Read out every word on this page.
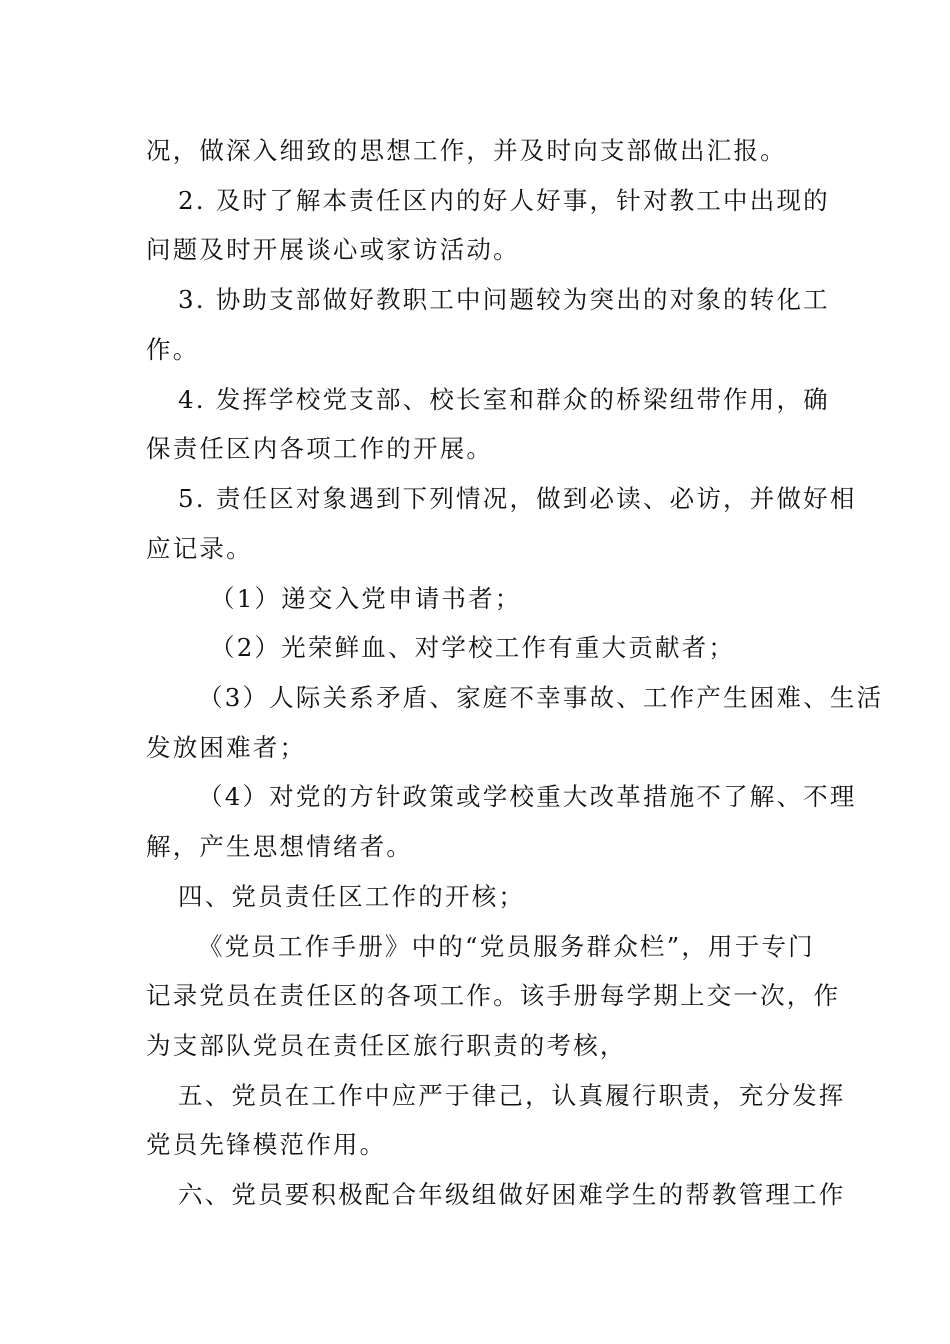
况，做深入细致的思想工作，并及时向支部做出汇报。
2. 及时了解本责任区内的好人好事，针对教工中出现的
问题及时开展谈心或家访活动。
3. 协助支部做好教职工中问题较为突出的对象的转化工
作。
4. 发挥学校党支部、校长室和群众的桥梁纽带作用，确
保责任区内各项工作的开展。
5. 责任区对象遇到下列情况，做到必读、必访，并做好相
应记录。
（1）递交入党申请书者；
（2）光荣鲜血、对学校工作有重大贡献者；
（3）人际关系矛盾、家庭不幸事故、工作产生困难、生活
发放困难者；
（4）对党的方针政策或学校重大改革措施不了解、不理
解，产生思想情绪者。
四、党员责任区工作的开核；
《党员工作手册》中的“党员服务群众栏”，用于专门
记录党员在责任区的各项工作。该手册每学期上交一次，作
为支部队党员在责任区旅行职责的考核，
五、党员在工作中应严于律己，认真履行职责，充分发挥
党员先锋模范作用。
六、党员要积极配合年级组做好困难学生的帮教管理工作
